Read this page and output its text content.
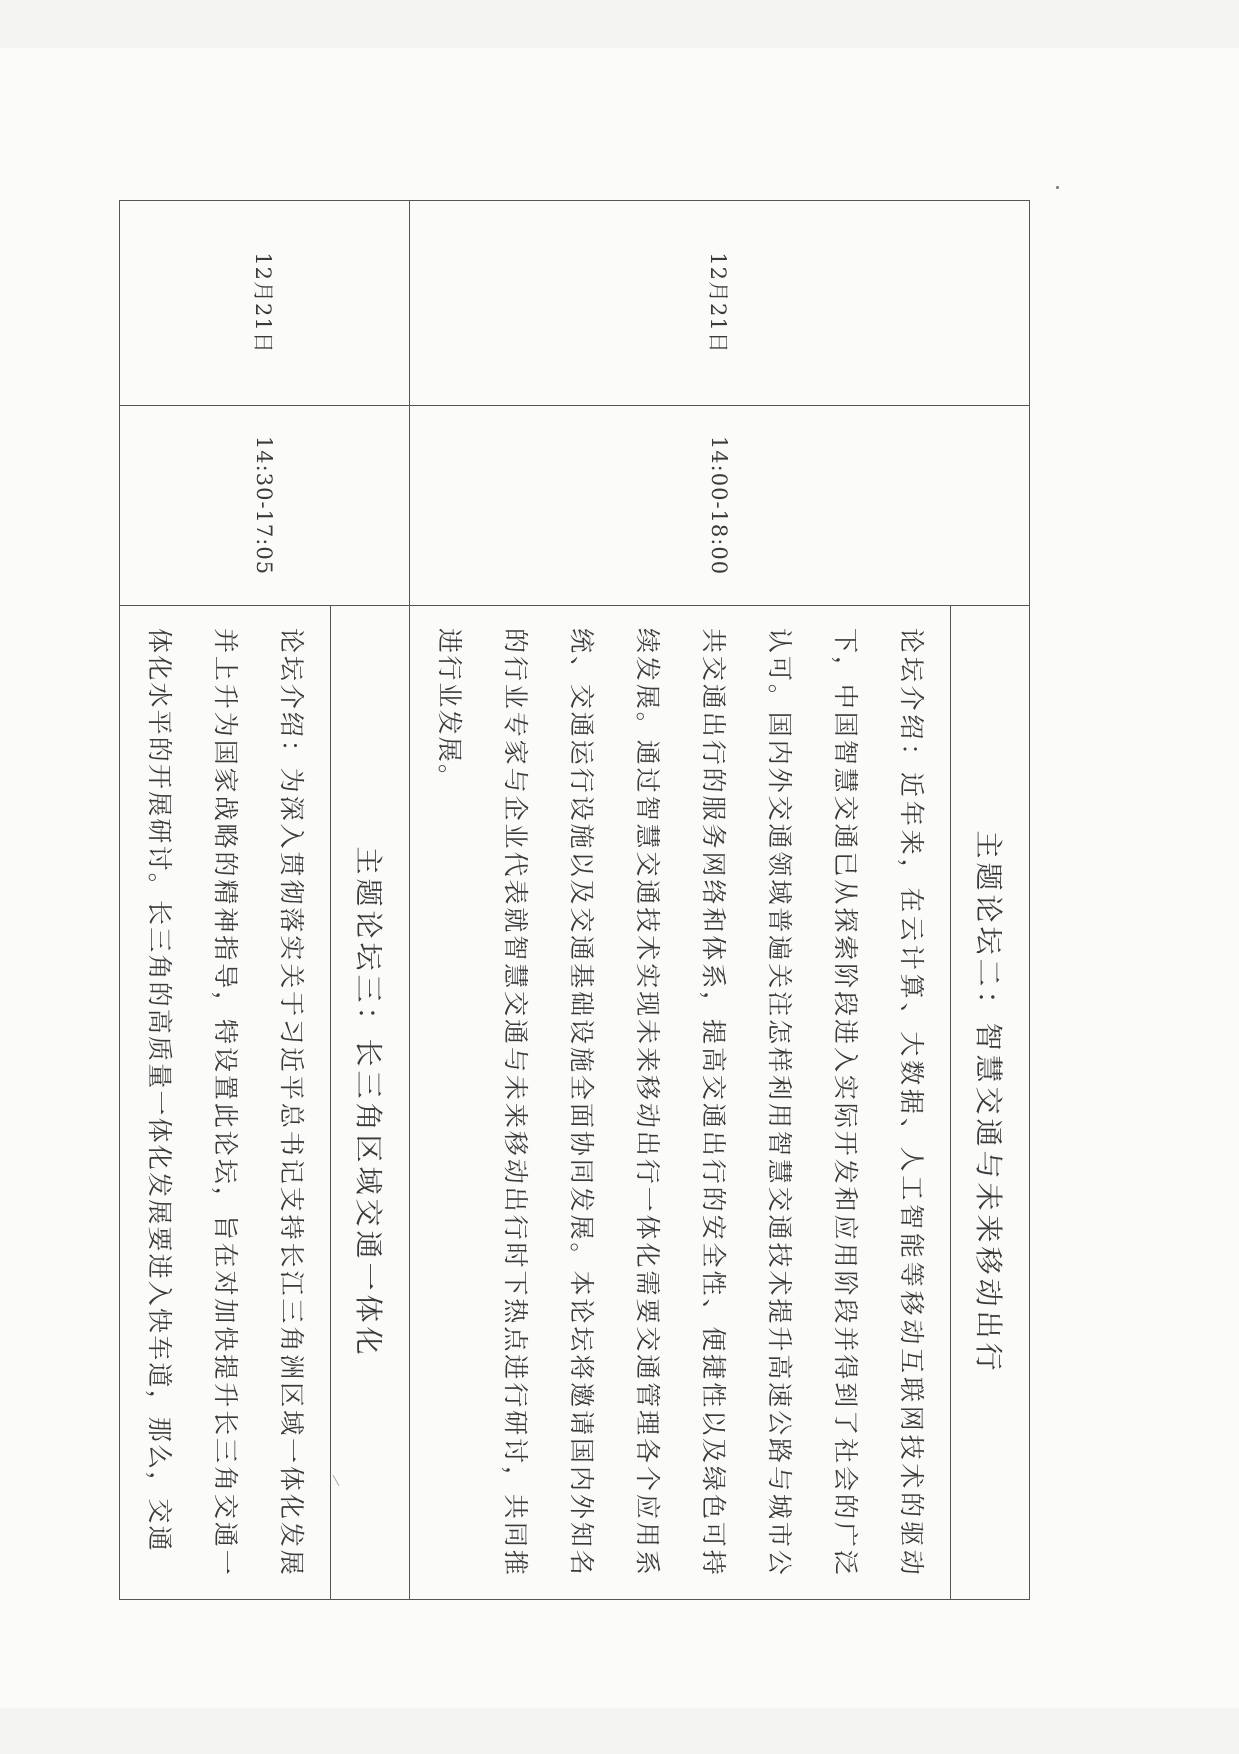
12月21日	14:00-18:00	主题论坛二：智慧交通与未来移动出行
		论坛介绍：近年来，在云计算、大数据、人工智能等移动互联网技术的驱动下，中国智慧交通已从探索阶段进入实际开发和应用阶段并得到了社会的广泛认可。国内外交通领域普遍关注怎样利用智慧交通技术提升高速公路与城市公共交通出行的服务网络和体系，提高交通出行的安全性、便捷性以及绿色可持续发展。通过智慧交通技术实现未来移动出行一体化需要交通管理各个应用系统、交通运行设施以及交通基础设施全面协同发展。本论坛将邀请国内外知名的行业专家与企业代表就智慧交通与未来移动出行时下热点进行研讨，共同推进行业发展。
12月21日	14:30-17:05	主题论坛三：长三角区域交通一体化
		论坛介绍：为深入贯彻落实关于习近平总书记支持长江三角洲区域一体化发展并上升为国家战略的精神指导，特设置此论坛，旨在对加快提升长三角交通一体化水平的开展研讨。长三角的高质量一体化发展要进入快车道，那么，交通
